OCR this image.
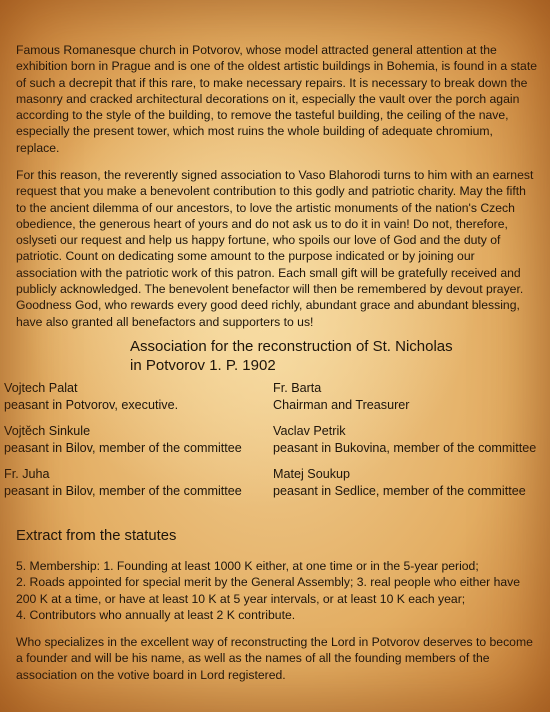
Famous Romanesque church in Potvorov, whose model attracted general attention at the exhibition born in Prague and is one of the oldest artistic buildings in Bohemia, is found in a state of such a decrepit that if this rare, to make necessary repairs. It is necessary to break down the masonry and cracked architectural decorations on it, especially the vault over the porch again according to the style of the building, to remove the tasteful building, the ceiling of the nave, especially the present tower, which most ruins the whole building of adequate chromium, replace.

For this reason, the reverently signed association to Vaso Blahorodi turns to him with an earnest request that you make a benevolent contribution to this godly and patriotic charity. May the fifth to the ancient dilemma of our ancestors, to love the artistic monuments of the nation's Czech obedience, the generous heart of yours and do not ask us to do it in vain! Do not, therefore, oslyseti our request and help us happy fortune, who spoils our love of God and the duty of patriotic. Count on dedicating some amount to the purpose indicated or by joining our association with the patriotic work of this patron. Each small gift will be gratefully received and publicly acknowledged. The benevolent benefactor will then be remembered by devout prayer. Goodness God, who rewards every good deed richly, abundant grace and abundant blessing, have also granted all benefactors and supporters to us!

Association for the reconstruction of St. Nicholas
in Potvorov 1. P. 1902
Vojtech Palat
peasant in Potvorov, executive.
Fr. Barta
Chairman and Treasurer
Vojtěch Sinkule
peasant in Bilov, member of the committee
Vaclav Petrik
peasant in Bukovina, member of the committee
Fr. Juha
peasant in Bilov, member of the committee
Matej Soukup
peasant in Sedlice, member of the committee
Extract from the statutes
5. Membership: 1. Founding at least 1000 K either, at one time or in the 5-year period;
2. Roads appointed for special merit by the General Assembly; 3. real people who either have 200 K at a time, or have at least 10 K at 5 year intervals, or at least 10 K each year;
4. Contributors who annually at least 2 K contribute.

Who specializes in the excellent way of reconstructing the Lord in Potvorov deserves to become a founder and will be his name, as well as the names of all the founding members of the association on the votive board in Lord registered.
